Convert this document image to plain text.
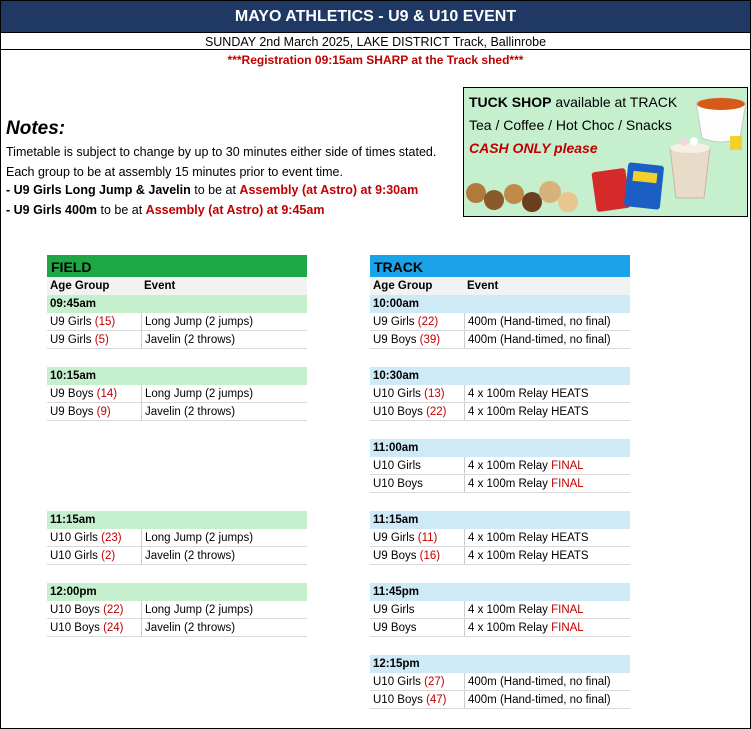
MAYO ATHLETICS - U9 & U10 EVENT
SUNDAY 2nd March 2025, LAKE DISTRICT Track, Ballinrobe
***Registration 09:15am SHARP at the Track shed***
Notes:
Timetable is subject to change by up to 30 minutes either side of times stated.
Each group to be at assembly 15 minutes prior to event time.
- U9 Girls Long Jump & Javelin to be at Assembly (at Astro) at 9:30am
- U9 Girls 400m to be at Assembly (at Astro) at 9:45am
TUCK SHOP available at TRACK
Tea / Coffee / Hot Choc / Snacks
CASH ONLY please
FIELD
Age Group	Event
09:45am
U9 Girls (15)	Long Jump (2 jumps)
U9 Girls (5)	Javelin (2 throws)
10:15am
U9 Boys (14)	Long Jump (2 jumps)
U9 Boys (9)	Javelin (2 throws)
11:15am
U10 Girls (23)	Long Jump (2 jumps)
U10 Girls (2)	Javelin (2 throws)
12:00pm
U10 Boys (22)	Long Jump (2 jumps)
U10 Boys (24)	Javelin (2 throws)
TRACK
Age Group	Event
10:00am
U9 Girls (22)	400m (Hand-timed, no final)
U9 Boys (39)	400m (Hand-timed, no final)
10:30am
U10 Girls (13)	4 x 100m Relay HEATS
U10 Boys (22)	4 x 100m Relay HEATS
11:00am
U10 Girls	4 x 100m Relay FINAL
U10 Boys	4 x 100m Relay FINAL
11:15am
U9 Girls (11)	4 x 100m Relay HEATS
U9 Boys (16)	4 x 100m Relay HEATS
11:45pm
U9 Girls	4 x 100m Relay FINAL
U9 Boys	4 x 100m Relay FINAL
12:15pm
U10 Girls (27)	400m (Hand-timed, no final)
U10 Boys (47)	400m (Hand-timed, no final)
